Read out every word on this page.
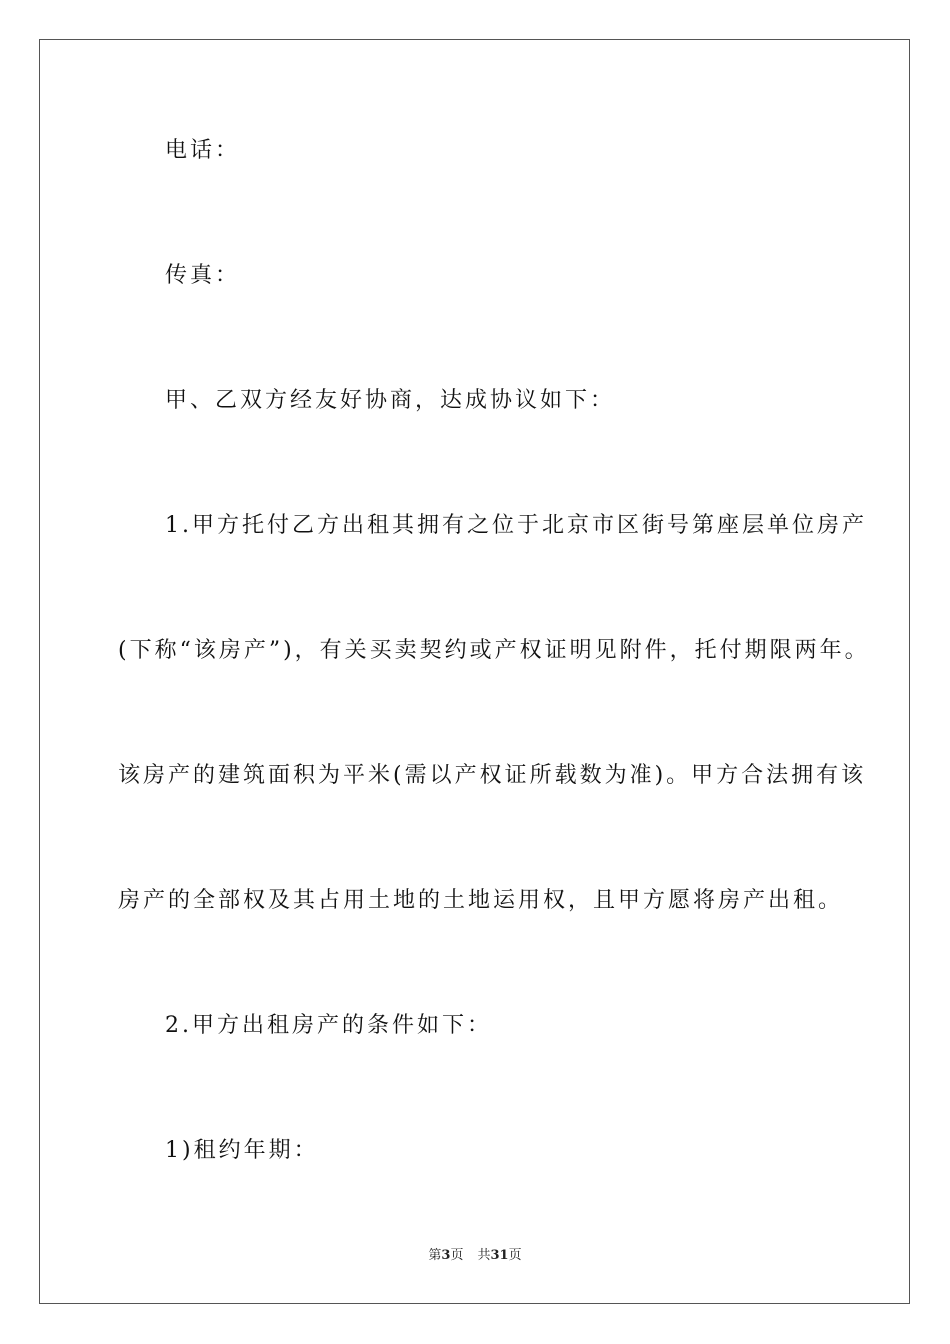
电话：
传真：
甲、乙双方经友好协商，达成协议如下：
1.甲方托付乙方出租其拥有之位于北京市区街号第座层单位房产
(下称“该房产”)，有关买卖契约或产权证明见附件，托付期限两年。
该房产的建筑面积为平米(需以产权证所载数为准)。甲方合法拥有该
房产的全部权及其占用土地的土地运用权，且甲方愿将房产出租。
2.甲方出租房产的条件如下：
1)租约年期：
第3页 共31页
